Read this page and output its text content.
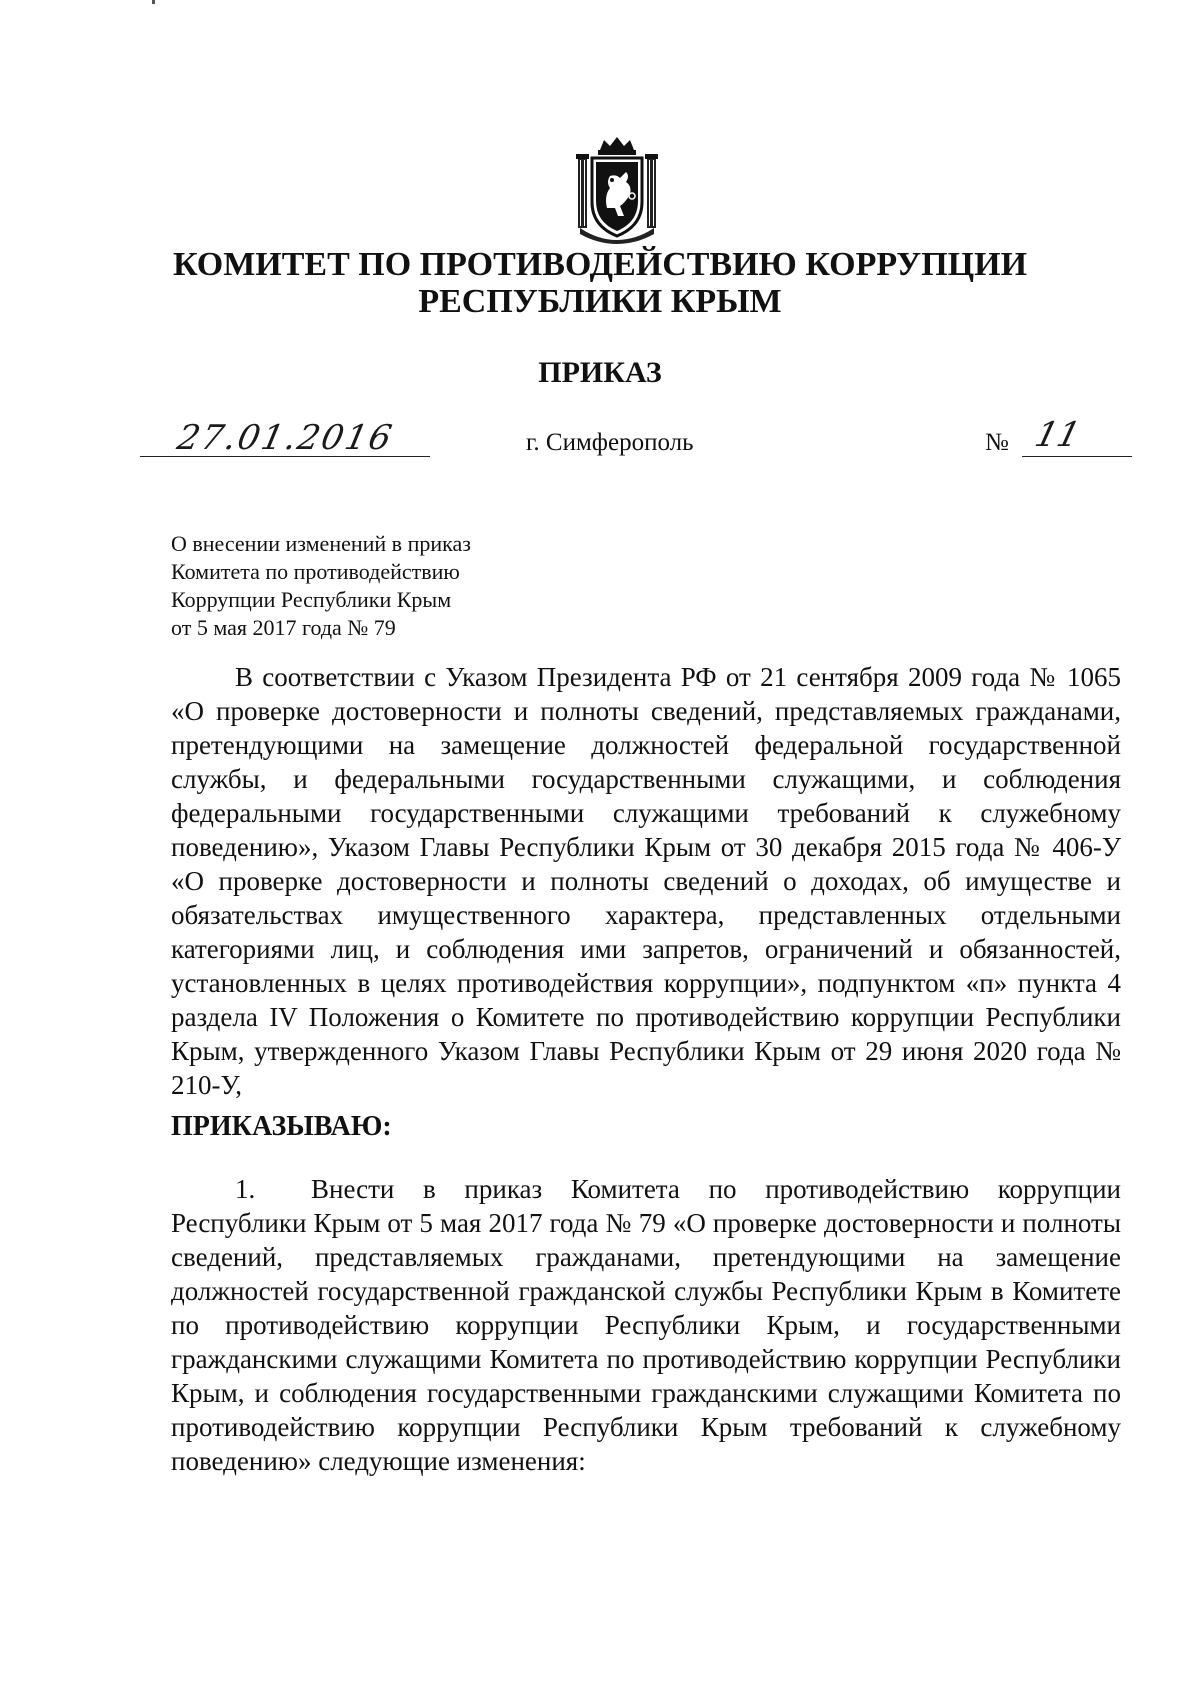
КОМИТЕТ ПО ПРОТИВОДЕЙСТВИЮ КОРРУПЦИИ
РЕСПУБЛИКИ КРЫМ
ПРИКАЗ
27.01.2016	г. Симферополь	№ 11
О внесении изменений в приказ
Комитета по противодействию
Коррупции Республики Крым
от 5 мая 2017 года № 79
В соответствии с Указом Президента РФ от 21 сентября 2009 года № 1065 «О проверке достоверности и полноты сведений, представляемых гражданами, претендующими на замещение должностей федеральной государственной службы, и федеральными государственными служащими, и соблюдения федеральными государственными служащими требований к служебному поведению», Указом Главы Республики Крым от 30 декабря 2015 года № 406-У «О проверке достоверности и полноты сведений о доходах, об имуществе и обязательствах имущественного характера, представленных отдельными категориями лиц, и соблюдения ими запретов, ограничений и обязанностей, установленных в целях противодействия коррупции», подпунктом «п» пункта 4 раздела IV Положения о Комитете по противодействию коррупции Республики Крым, утвержденного Указом Главы Республики Крым от 29 июня 2020 года № 210-У,
ПРИКАЗЫВАЮ:
1. Внести в приказ Комитета по противодействию коррупции Республики Крым от 5 мая 2017 года № 79 «О проверке достоверности и полноты сведений, представляемых гражданами, претендующими на замещение должностей государственной гражданской службы Республики Крым в Комитете по противодействию коррупции Республики Крым, и государственными гражданскими служащими Комитета по противодействию коррупции Республики Крым, и соблюдения государственными гражданскими служащими Комитета по противодействию коррупции Республики Крым требований к служебному поведению» следующие изменения:
